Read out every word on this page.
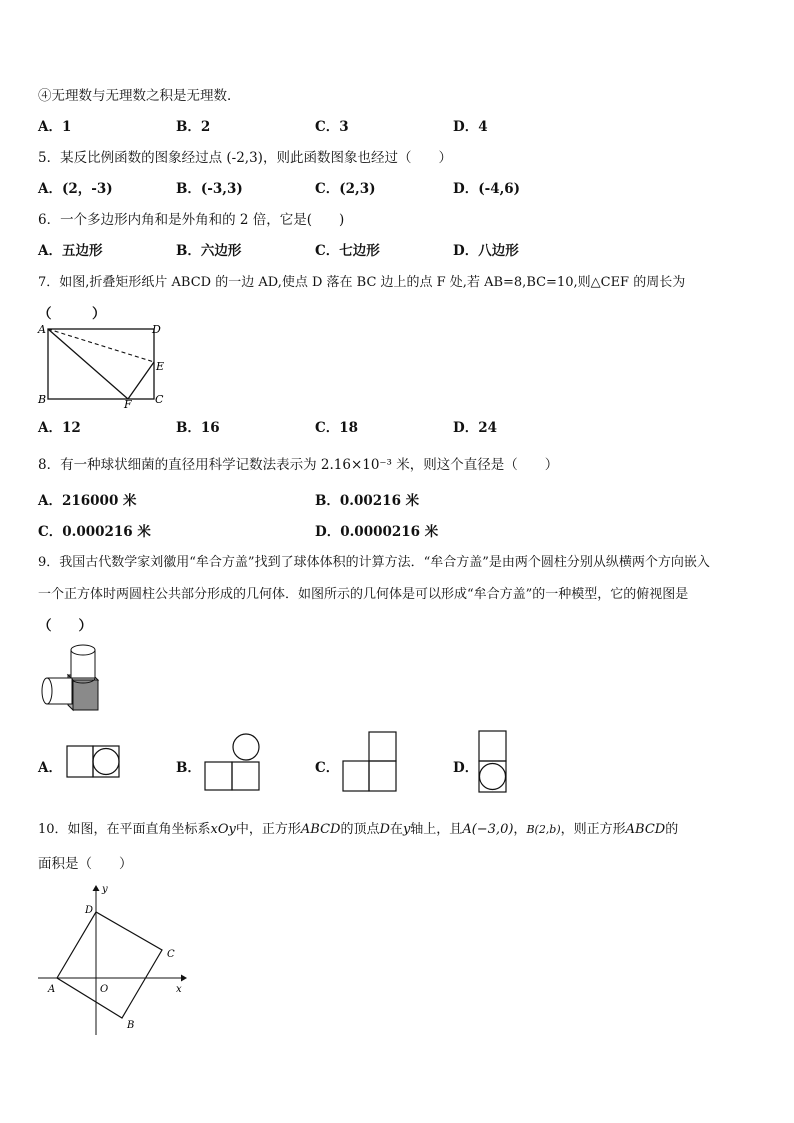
④无理数与无理数之积是无理数．
A．1	B．2	C．3	D．4
5．某反比例函数的图象经过点 (-2,3)，则此函数图象也经过（　　）
A．(2，-3)	B．(-3,3)	C．(2,3)	D．(-4,6)
6．一个多边形内角和是外角和的 2 倍，它是(　　)
A．五边形	B．六边形	C．七边形	D．八边形
7．如图,折叠矩形纸片 ABCD 的一边 AD,使点 D 落在 BC 边上的点 F 处,若 AB=8,BC=10,则△CEF 的周长为
（　　　）
A	D
E
B	F C
A．12	B．16	C．18	D．24
8．有一种球状细菌的直径用科学记数法表示为 2.16×10⁻³ 米，则这个直径是（　　）
A．216000 米	B．0.00216 米
C．0.000216 米	D．0.0000216 米
9．我国古代数学家刘徽用“牟合方盖”找到了球体体积的计算方法．“牟合方盖”是由两个圆柱分别从纵横两个方向嵌入
一个正方体时两圆柱公共部分形成的几何体．如图所示的几何体是可以形成“牟合方盖”的一种模型，它的俯视图是
（　　）
A．	B．	C．	D．
10．如图，在平面直角坐标系xOy中，正方形ABCD的顶点D在y轴上，且A(−3,0)，B(2,b)，则正方形ABCD的
面积是（　　）
A
B
C
D
O	x
y
